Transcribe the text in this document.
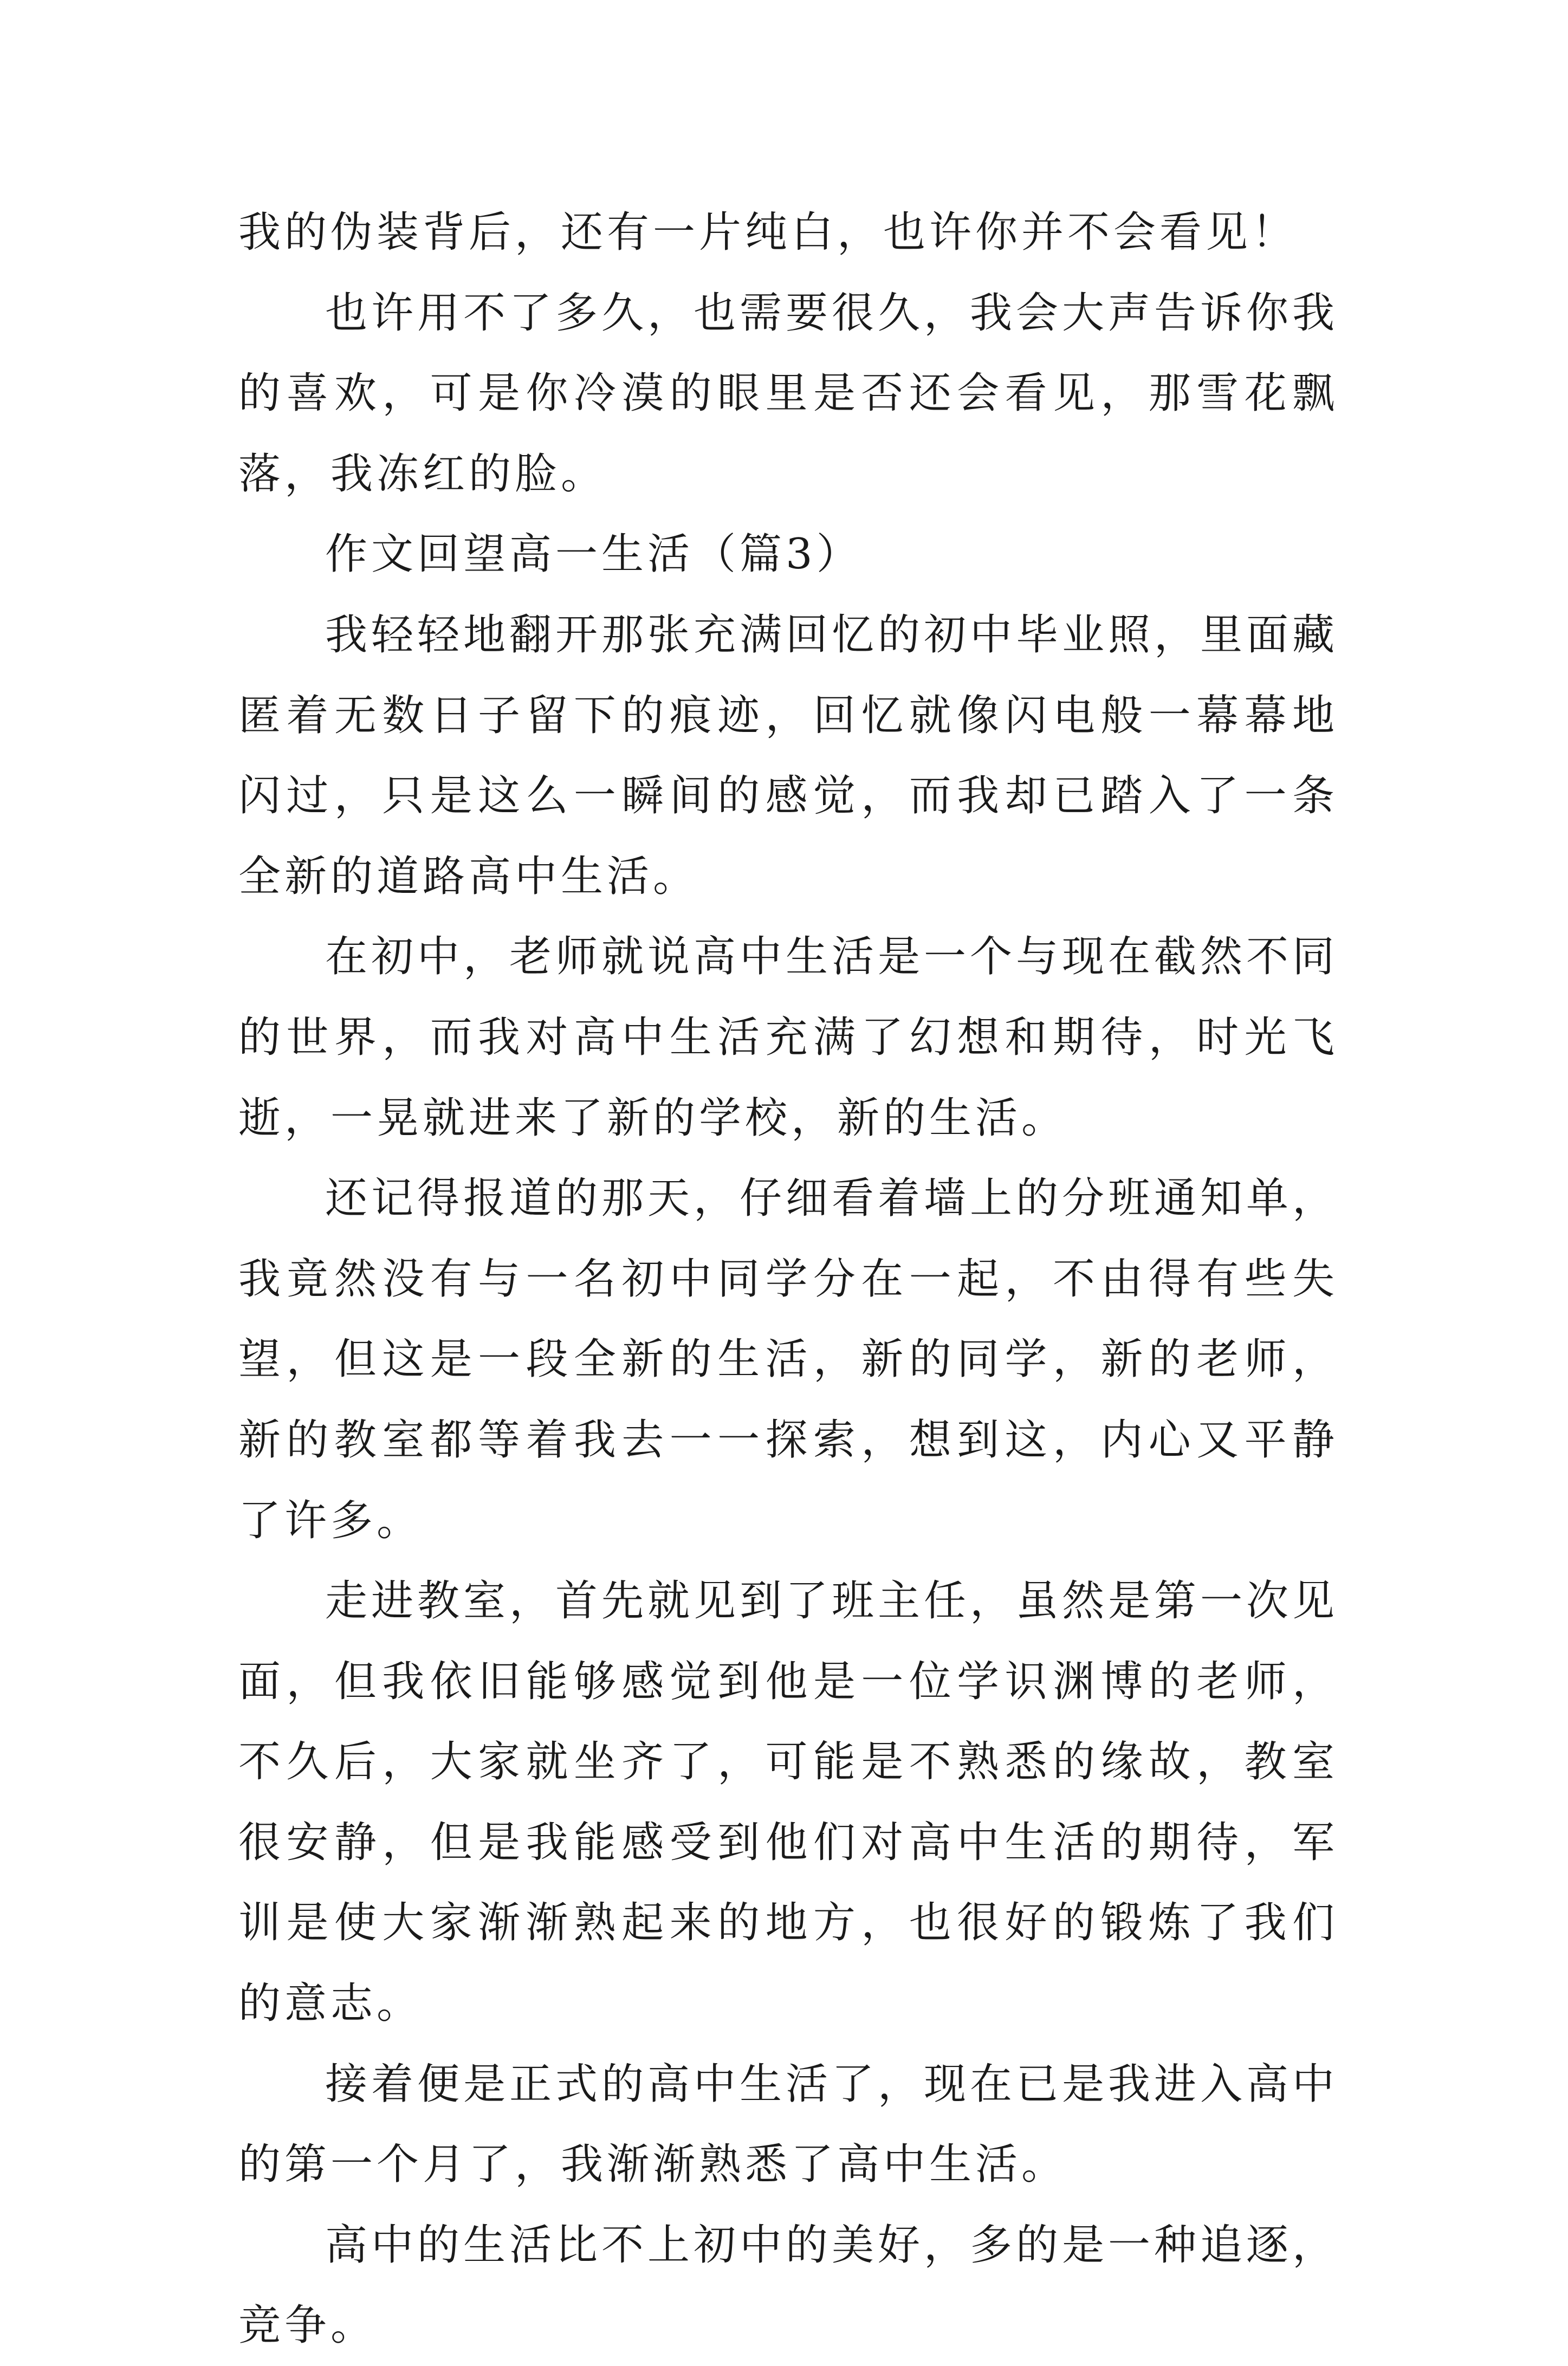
我的伪装背后，还有一片纯白，也许你并不会看见！

也许用不了多久，也需要很久，我会大声告诉你我的喜欢，可是你冷漠的眼里是否还会看见，那雪花飘落，我冻红的脸。

作文回望高一生活（篇3）

我轻轻地翻开那张充满回忆的初中毕业照，里面藏匿着无数日子留下的痕迹，回忆就像闪电般一幕幕地闪过，只是这么一瞬间的感觉，而我却已踏入了一条全新的道路高中生活。

在初中，老师就说高中生活是一个与现在截然不同的世界，而我对高中生活充满了幻想和期待，时光飞逝，一晃就进来了新的学校，新的生活。

还记得报道的那天，仔细看着墙上的分班通知单，我竟然没有与一名初中同学分在一起，不由得有些失望，但这是一段全新的生活，新的同学，新的老师，新的教室都等着我去一一探索，想到这，内心又平静了许多。

走进教室，首先就见到了班主任，虽然是第一次见面，但我依旧能够感觉到他是一位学识渊博的老师，不久后，大家就坐齐了，可能是不熟悉的缘故，教室很安静，但是我能感受到他们对高中生活的期待，军训是使大家渐渐熟起来的地方，也很好的锻炼了我们的意志。

接着便是正式的高中生活了，现在已是我进入高中的第一个月了，我渐渐熟悉了高中生活。

高中的生活比不上初中的美好，多的是一种追逐，竞争。
